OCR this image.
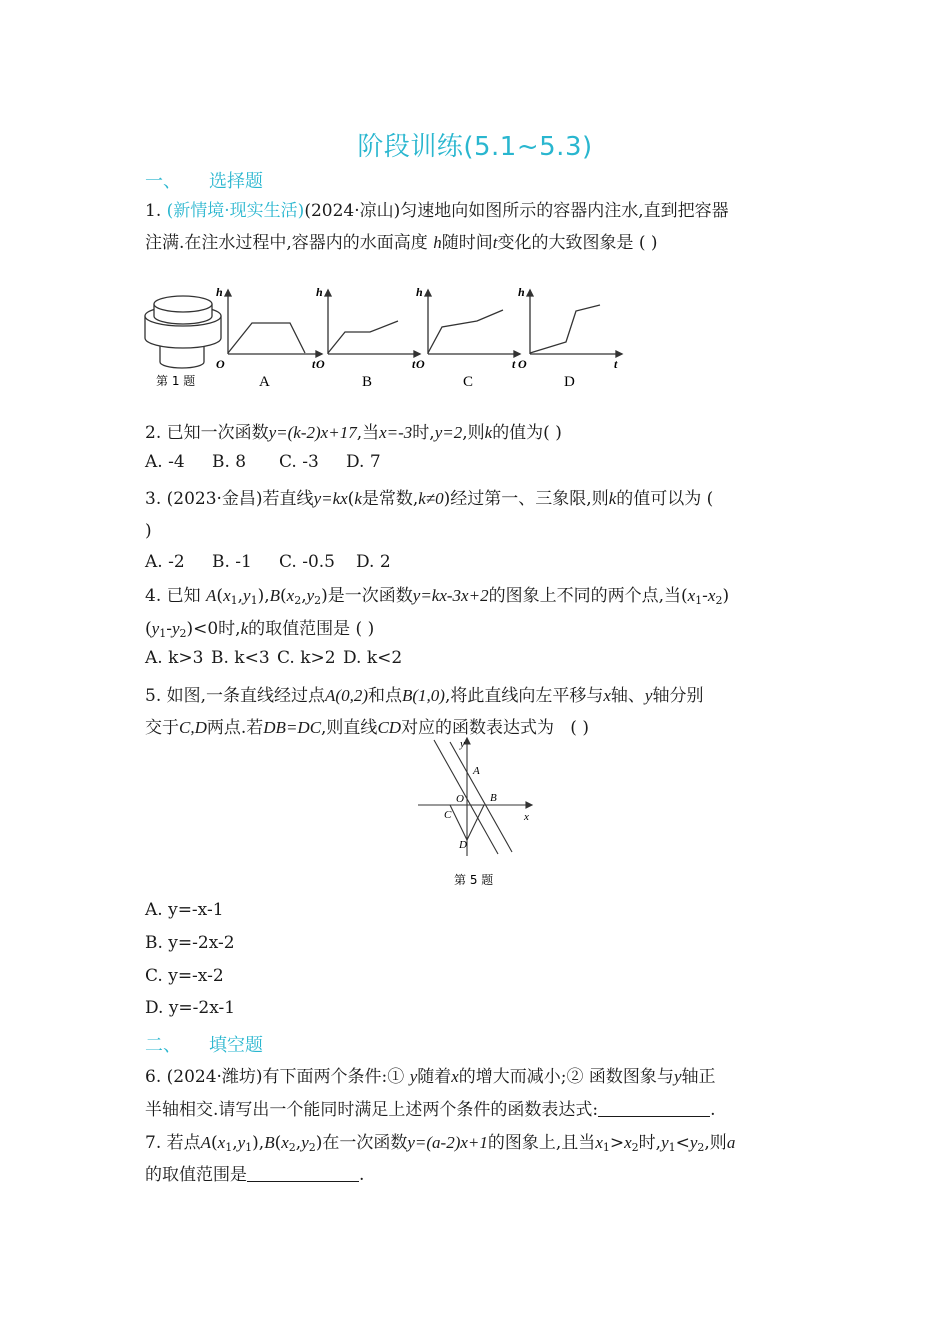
阶段训练(5.1~5.3)
一、 选择题
1. (新情境·现实生活)(2024·凉山)匀速地向如图所示的容器内注水,直到把容器
注满.在注水过程中,容器内的水面高度 h随时间t变化的大致图象是 ( )
第 1 题
h
O	t
A
h
O	t
B
h
O	t
C
h
O	t
D
2. 已知一次函数y=(k-2)x+17,当x=-3时,y=2,则k的值为( )
A. -4 B. 8 C. -3 D. 7
3. (2023·金昌)若直线y=kx(k是常数,k≠0)经过第一、三象限,则k的值可以为 (
)
A. -2 B. -1 C. -0.5 D. 2
4. 已知 $A(x_1,y_1),B(x_2,y_2)$是一次函数y=kx-3x+2的图象上不同的两个点,当$(x_1-x_2)$
$(y_1-y_2)<0$时,k的取值范围是 ( )
A. k>3 B. k<3 C. k>2 D. k<2
5. 如图,一条直线经过点A(0,2)和点B(1,0),将此直线向左平移与x轴、y轴分别
交于C,D两点.若DB=DC,则直线CD对应的函数表达式为 ( )
y
x
A
B
O
C
D
第 5 题
A. y=-x-1
B. y=-2x-2
C. y=-x-2
D. y=-2x-1
二、 填空题
6. (2024·潍坊)有下面两个条件:① y随着x的增大而减小;② 函数图象与y轴正
半轴相交.请写出一个能同时满足上述两个条件的函数表达式:	.
7. 若点$A(x_1,y_1),B(x_2,y_2)$在一次函数y=(a-2)x+1的图象上,且当$x_1>x_2$时$,y_1<y_2$,则a
的取值范围是	.
